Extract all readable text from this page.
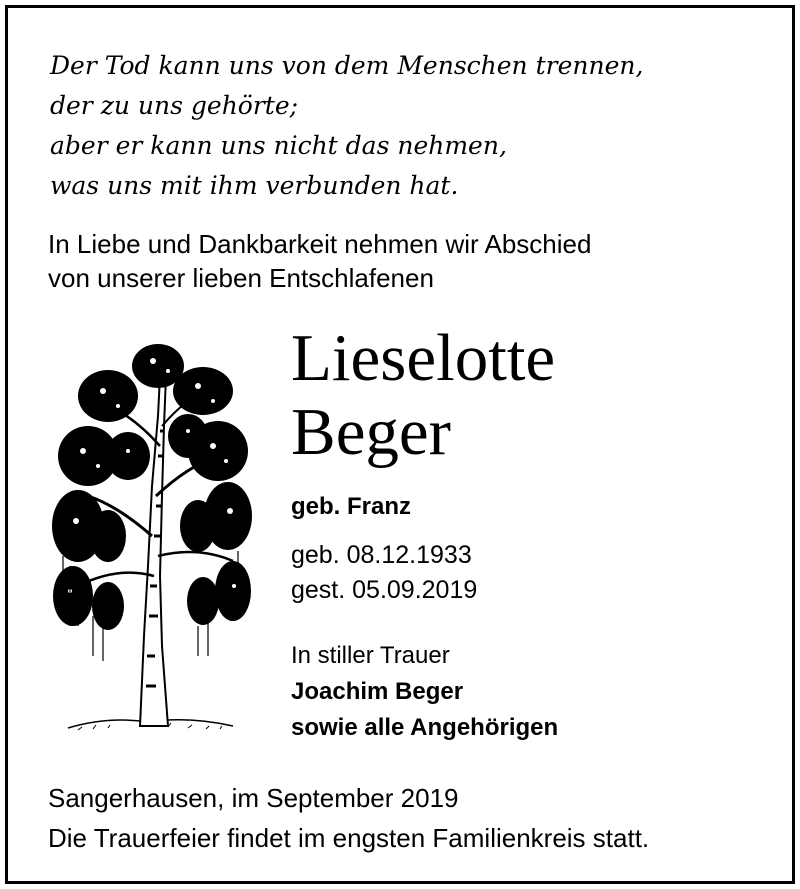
Der Tod kann uns von dem Menschen trennen,
der zu uns gehörte;
aber er kann uns nicht das nehmen,
was uns mit ihm verbunden hat.
In Liebe und Dankbarkeit nehmen wir Abschied
von unserer lieben Entschlafenen
Lieselotte
Beger
geb. Franz
geb. 08.12.1933
gest. 05.09.2019
In stiller Trauer
Joachim Beger
sowie alle Angehörigen
Sangerhausen, im September 2019
Die Trauerfeier findet im engsten Familienkreis statt.
